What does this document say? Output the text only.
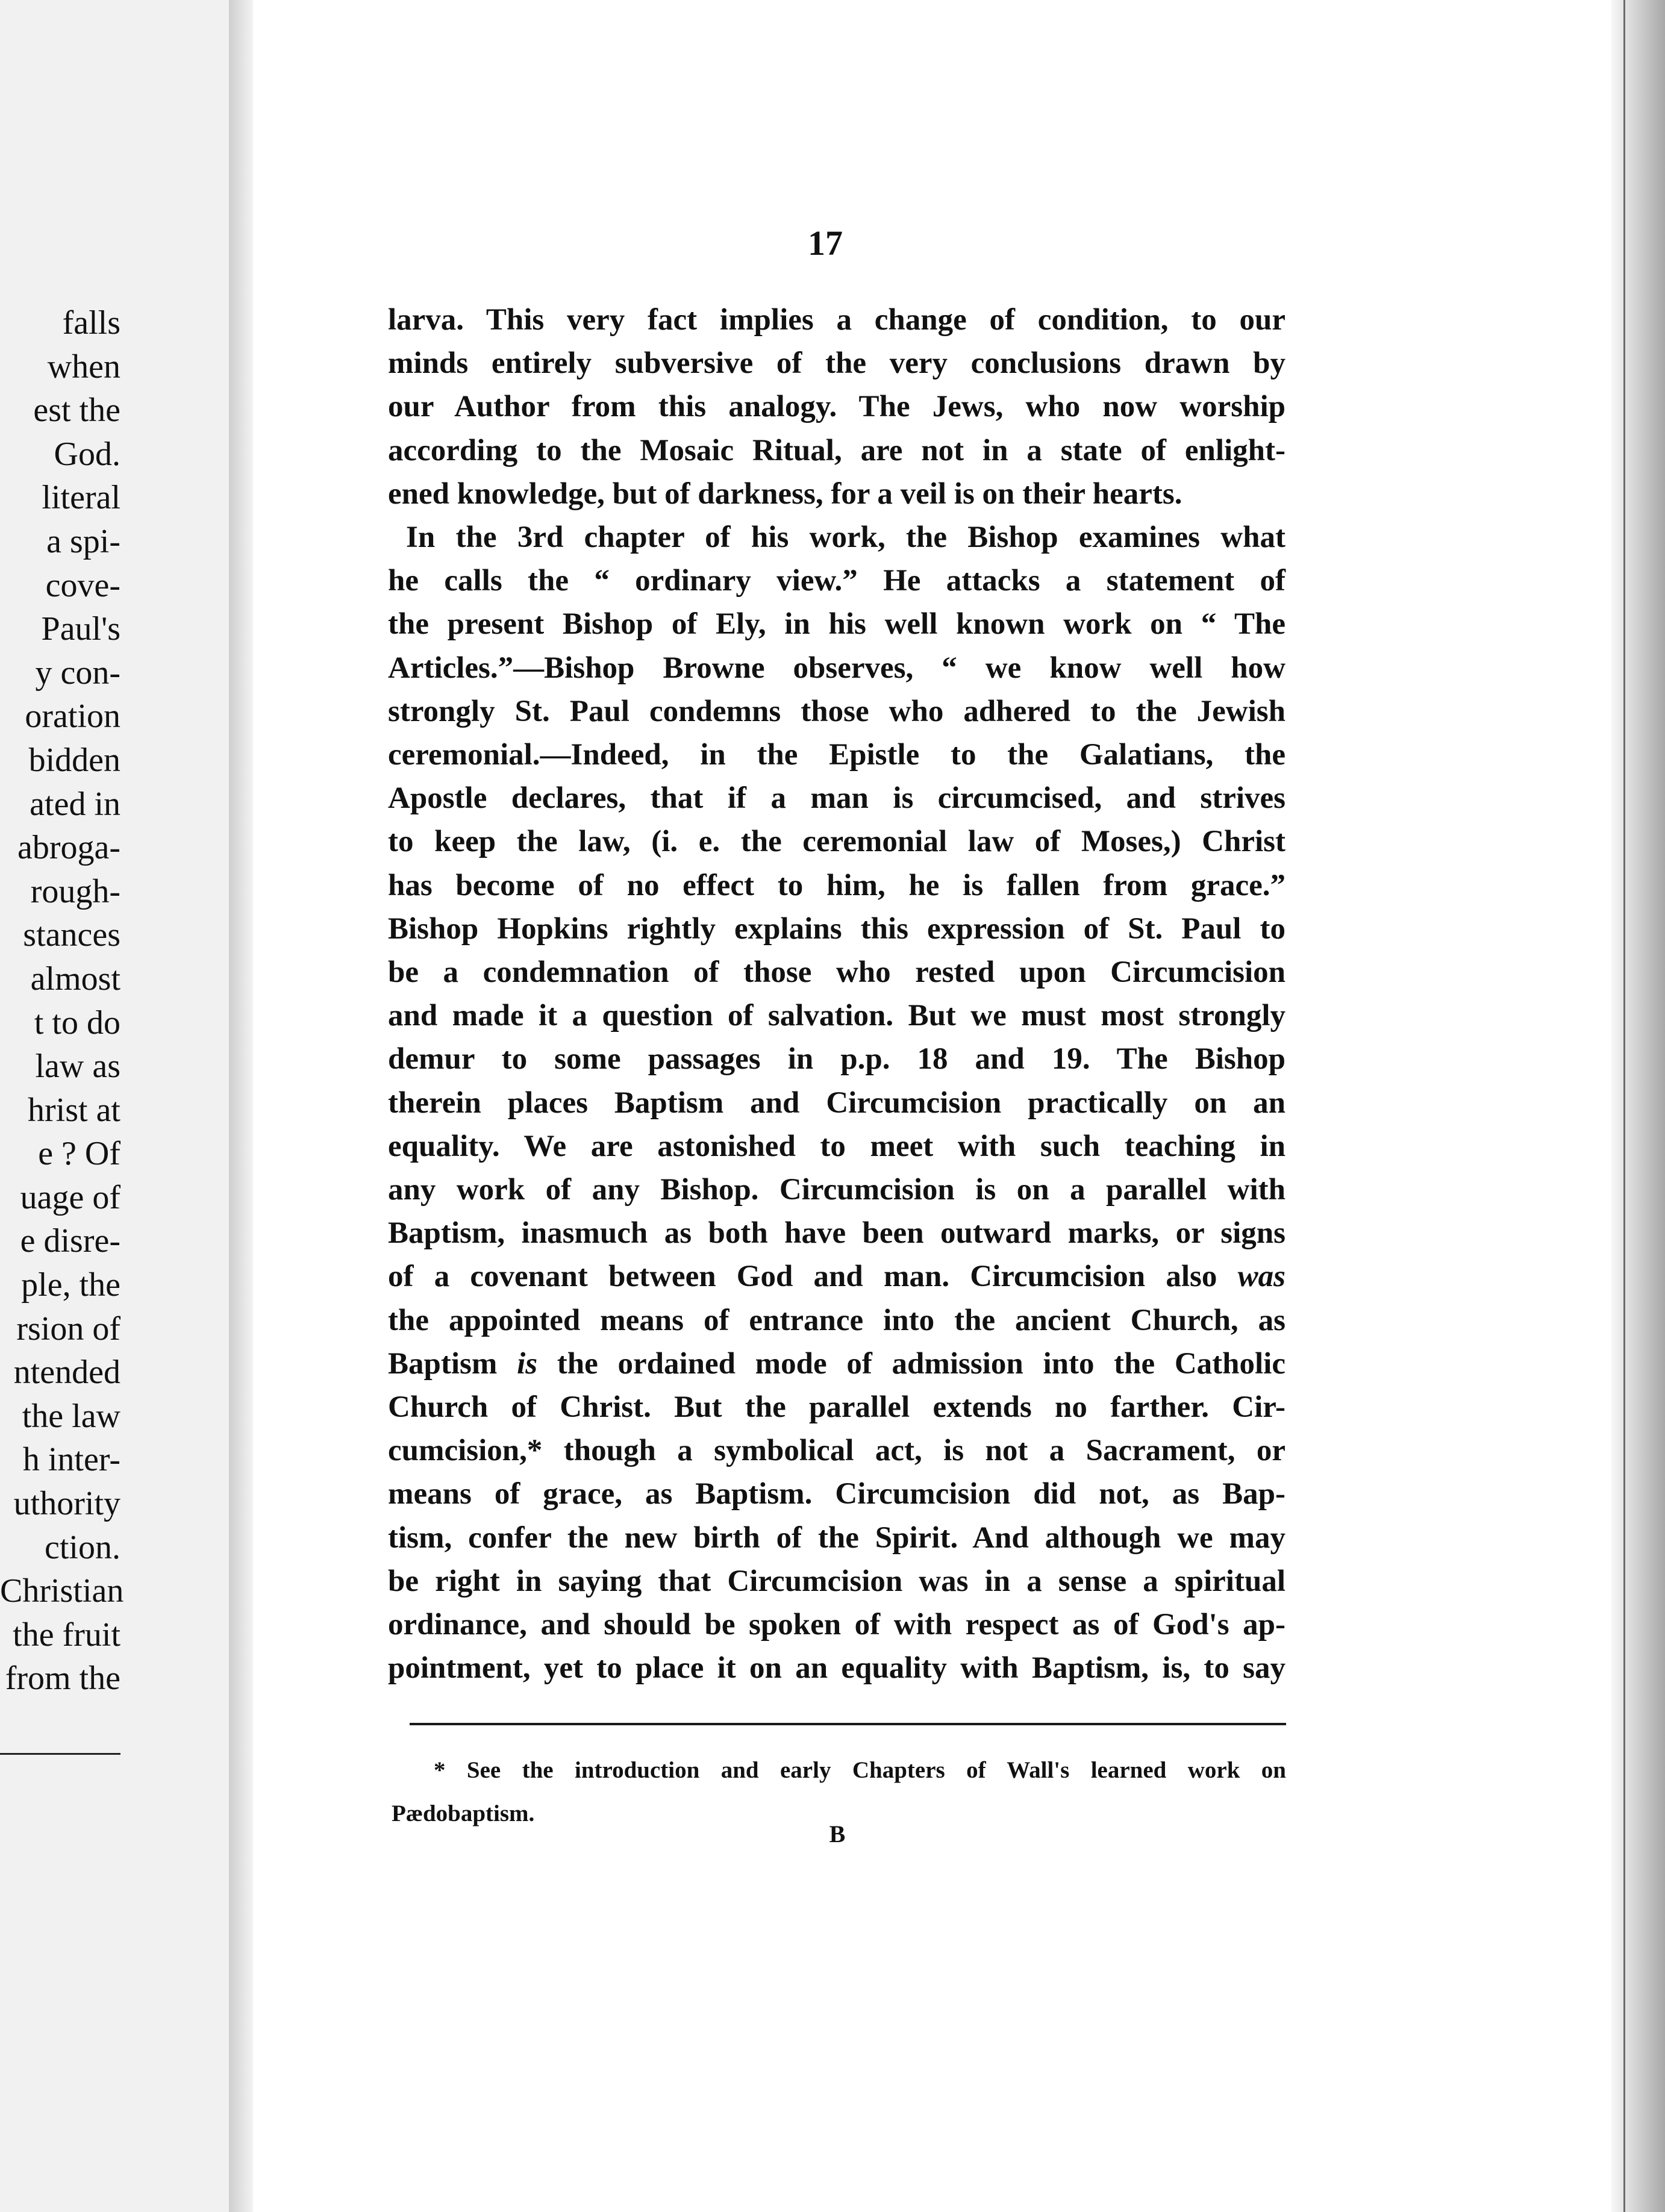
falls
when
est the
God.
literal
a spi-
cove-
Paul's
y con-
oration
bidden
ated in
abroga-
rough-
stances
almost
t to do
law as
hrist at
e ? Of
uage of
e disre-
ple, the
rsion of
ntended
the law
h inter-
uthority
ction.
Christian
the fruit
from the
17
larva. This very fact implies a change of condition, to our
minds entirely subversive of the very conclusions drawn by
our Author from this analogy. The Jews, who now worship
according to the Mosaic Ritual, are not in a state of enlight-
ened knowledge, but of darkness, for a veil is on their hearts.
In the 3rd chapter of his work, the Bishop examines what
he calls the “ ordinary view.” He attacks a statement of
the present Bishop of Ely, in his well known work on “ The
Articles.”—Bishop Browne observes, “ we know well how
strongly St. Paul condemns those who adhered to the Jewish
ceremonial.—Indeed, in the Epistle to the Galatians, the
Apostle declares, that if a man is circumcised, and strives
to keep the law, (i. e. the ceremonial law of Moses,) Christ
has become of no effect to him, he is fallen from grace.”
Bishop Hopkins rightly explains this expression of St. Paul to
be a condemnation of those who rested upon Circumcision
and made it a question of salvation. But we must most strongly
demur to some passages in p.p. 18 and 19. The Bishop
therein places Baptism and Circumcision practically on an
equality. We are astonished to meet with such teaching in
any work of any Bishop. Circumcision is on a parallel with
Baptism, inasmuch as both have been outward marks, or signs
of a covenant between God and man. Circumcision also was
the appointed means of entrance into the ancient Church, as
Baptism is the ordained mode of admission into the Catholic
Church of Christ. But the parallel extends no farther. Cir-
cumcision,* though a symbolical act, is not a Sacrament, or
means of grace, as Baptism. Circumcision did not, as Bap-
tism, confer the new birth of the Spirit. And although we may
be right in saying that Circumcision was in a sense a spiritual
ordinance, and should be spoken of with respect as of God's ap-
pointment, yet to place it on an equality with Baptism, is, to say
* See the introduction and early Chapters of Wall's learned work on
Pædobaptism.
B
